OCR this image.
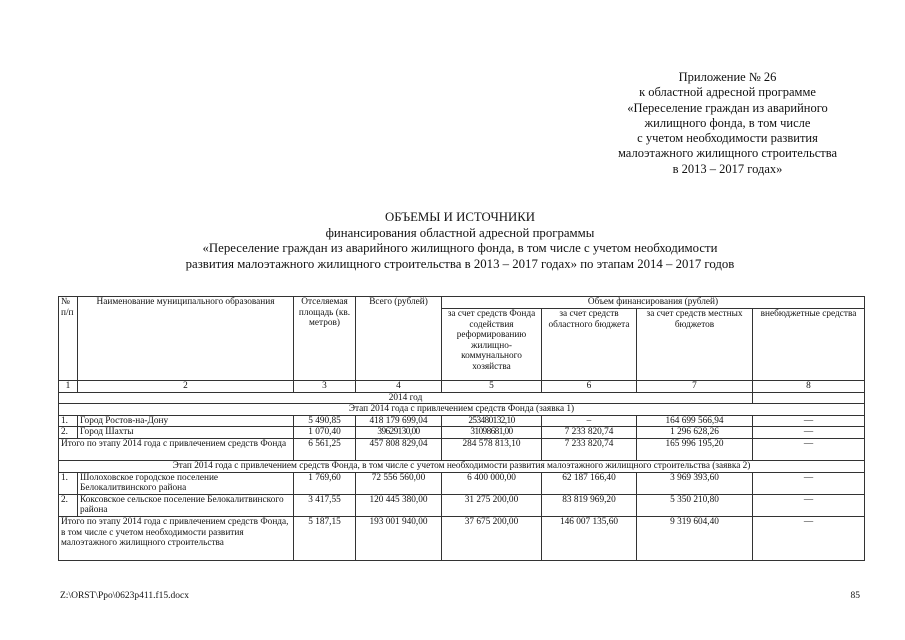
Приложение № 26
к областной адресной программе
«Переселение граждан из аварийного
жилищного фонда, в том числе
с учетом необходимости развития
малоэтажного жилищного строительства
в 2013 – 2017 годах»
ОБЪЕМЫ И ИСТОЧНИКИ
финансирования областной адресной программы
«Переселение граждан из аварийного жилищного фонда, в том числе с учетом необходимости
развития малоэтажного жилищного строительства в 2013 – 2017 годах» по этапам 2014 – 2017 годов
№ п/п	Наименование муниципального образования	Отселяемая площадь (кв. метров)	Всего (рублей)	Объем финансирования (рублей)			
				за счет средств Фонда содействия реформированию жилищно-коммунального хозяйства	за счет средств областного бюджета	за счет средств местных бюджетов	внебюджетные средства
1	2	3	4	5	6	7	8
2014 год							
Этап 2014 года с привлечением средств Фонда (заявка 1)							
1.	Город Ростов-на-Дону	5 490,85	418 179 699,04	253480132,10	–	164 699 566,94	—
2.	Город Шахты	1 070,40	39629130,00	31098681,00	7 233 820,74	1 296 628,26	—
Итого по этапу 2014 года с привлечением средств Фонда		6 561,25	457 808 829,04	284 578 813,10	7 233 820,74	165 996 195,20	—
Этап 2014 года с привлечением средств Фонда, в том числе с учетом необходимости развития малоэтажного жилищного строительства (заявка 2)							
1.	Шолоховское городское поселение Белокалитвинского района	1 769,60	72 556 560,00	6 400 000,00	62 187 166,40	3 969 393,60	—
2.	Коксовское сельское поселение Белокалитвинского района	3 417,55	120 445 380,00	31 275 200,00	83 819 969,20	5 350 210,80	—
Итого по этапу 2014 года с привлечением средств Фонда, в том числе с учетом необходимости развития малоэтажного жилищного строительства		5 187,15	193 001 940,00	37 675 200,00	146 007 135,60	9 319 604,40	—
Z:\ORST\Ppo\0623p411.f15.docx	85
